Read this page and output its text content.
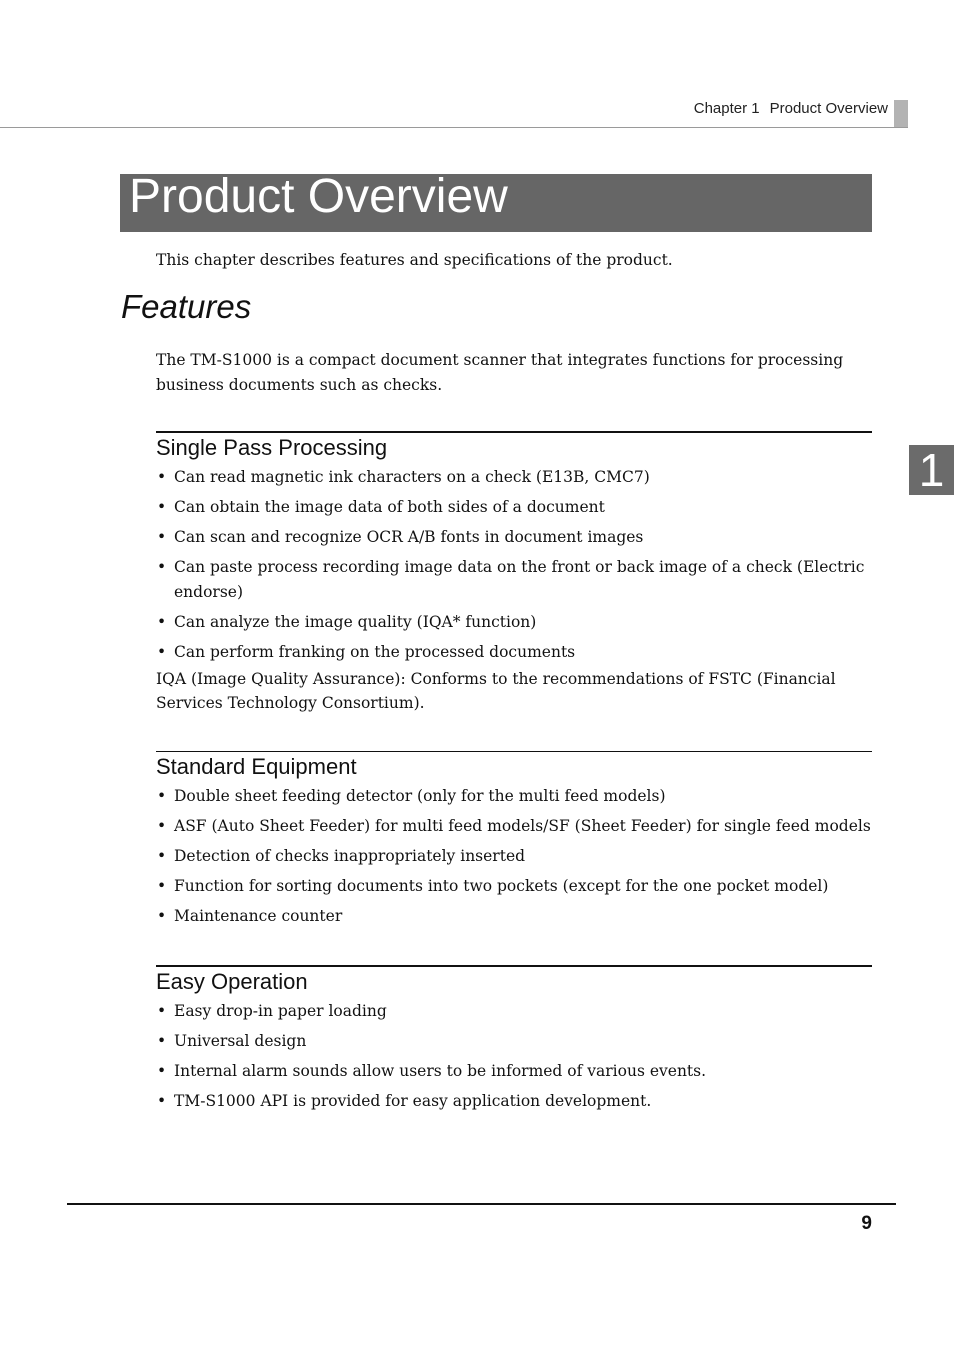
Chapter 1 Product Overview
1
Product Overview
This chapter describes features and specifications of the product.
Features

The TM-S1000 is a compact document scanner that integrates functions for processing business documents such as checks.

Single Pass Processing
• Can read magnetic ink characters on a check (E13B, CMC7)
• Can obtain the image data of both sides of a document
• Can scan and recognize OCR A/B fonts in document images
• Can paste process recording image data on the front or back image of a check (Electric endorse)
• Can analyze the image quality (IQA* function)
• Can perform franking on the processed documents
IQA (Image Quality Assurance): Conforms to the recommendations of FSTC (Financial Services Technology Consortium).
Standard Equipment
• Double sheet feeding detector (only for the multi feed models)
• ASF (Auto Sheet Feeder) for multi feed models/SF (Sheet Feeder) for single feed models
• Detection of checks inappropriately inserted
• Function for sorting documents into two pockets (except for the one pocket model)
• Maintenance counter
Easy Operation
• Easy drop-in paper loading
• Universal design
• Internal alarm sounds allow users to be informed of various events.
• TM-S1000 API is provided for easy application development.
9
